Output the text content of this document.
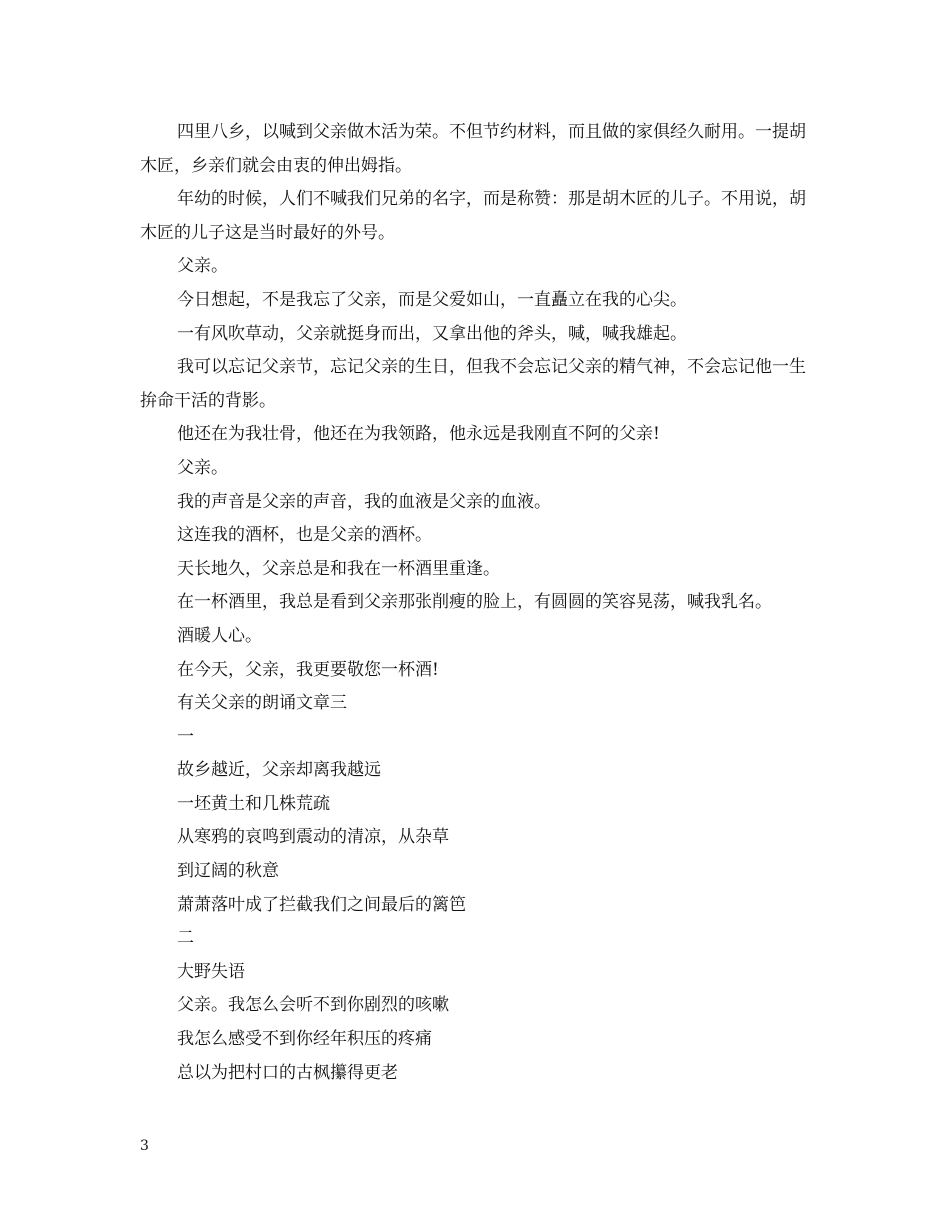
四里八乡，以喊到父亲做木活为荣。不但节约材料，而且做的家俱经久耐用。一提胡木匠，乡亲们就会由衷的伸出姆指。

年幼的时候，人们不喊我们兄弟的名字，而是称赞：那是胡木匠的儿子。不用说，胡木匠的儿子这是当时最好的外号。

父亲。

今日想起，不是我忘了父亲，而是父爱如山，一直矗立在我的心尖。

一有风吹草动，父亲就挺身而出，又拿出他的斧头，喊，喊我雄起。

我可以忘记父亲节，忘记父亲的生日，但我不会忘记父亲的精气神，不会忘记他一生拚命干活的背影。

他还在为我壮骨，他还在为我领路，他永远是我刚直不阿的父亲!

父亲。

我的声音是父亲的声音，我的血液是父亲的血液。

这连我的酒杯，也是父亲的酒杯。

天长地久，父亲总是和我在一杯酒里重逢。

在一杯酒里，我总是看到父亲那张削瘦的脸上，有圆圆的笑容晃荡，喊我乳名。

酒暖人心。

在今天，父亲，我更要敬您一杯酒!

有关父亲的朗诵文章三

一

故乡越近，父亲却离我越远

一坯黄土和几株荒疏

从寒鸦的哀鸣到震动的清凉，从杂草

到辽阔的秋意

萧萧落叶成了拦截我们之间最后的篱笆

二

大野失语

父亲。我怎么会听不到你剧烈的咳嗽

我怎么感受不到你经年积压的疼痛

总以为把村口的古枫攥得更老

3
